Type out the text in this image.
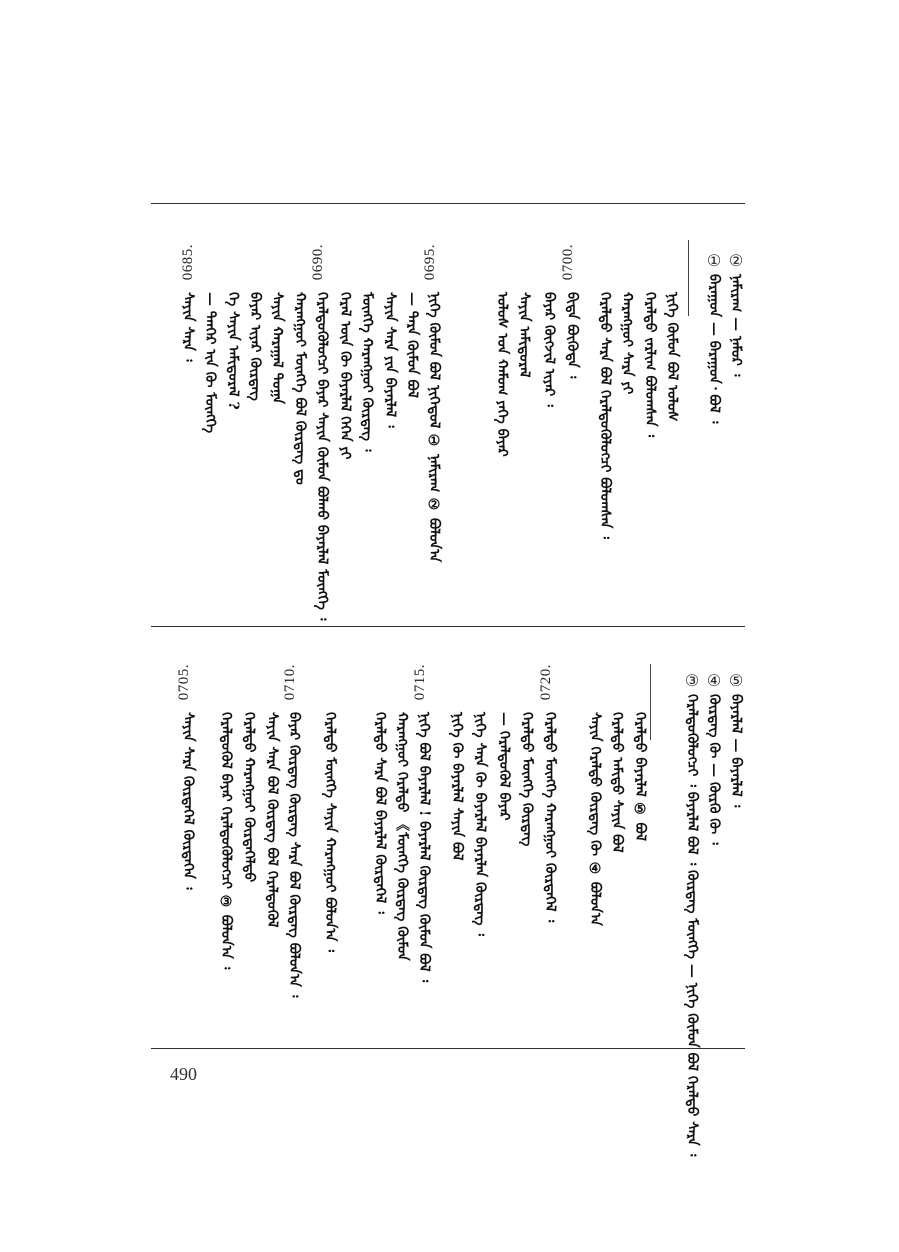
①
ᠪᠠᠷᠠᠭᠤᠨ — ᠪᠠᠷᠠᠭᠤᠨ᠂ ᠪᠣᠯ ᠄
②
ᠨᠠᠮᠢᠷᠠᠭ — ᠨᠠᠮᠤᠷ ᠄
0700.
ᠨᠢᠭᠡ ᠬᠦᠮᠦᠨ ᠪᠣᠯ ᠤᠯᠤᠰ
ᠭᠡᠷᠡᠯᠲᠦ ᠵᠠᠷᠯᠢᠭ ᠪᠣᠯᠤᠭᠰᠠᠨ ᠄
ᠬᠠᠷᠠᠩᠭᠤᠢ ᠰᠠᠷᠠ ᠶᠢ
ᠭᠡᠷᠡᠯᠲᠦ ᠰᠠᠷᠠ ᠪᠣᠯ ᠭᠡᠷᠡᠯᠲᠦᠭᠦᠯᠦᠭᠴᠢ ᠪᠣᠯᠤᠭᠰᠠᠨ ᠄
ᠪᠢᠳᠡ ᠪᠦᠭᠦᠳᠡ ᠄
ᠪᠠᠶᠠᠷ ᠬᠥᠭᠵᠢᠯ ᠢᠶᠡᠷ ᠄
0695.
ᠰᠠᠶᠢᠨ ᠠᠮᠢᠳᠤᠷᠠᠯ
ᠤᠯᠤᠰ ᠤᠨ ᠬᠠᠮᠤᠭ ᠶᠡᠬᠡ ᠪᠠᠶᠠᠷ
ᠨᠢᠭᠡ ᠬᠦᠮᠦᠨ ᠪᠣᠯ ᠨᠢᠭᠡᠳᠦᠯ ① ᠨᠠᠮᠢᠷᠠᠭ ② ᠪᠣᠯᠤᠨ᠎ᠠ
— ᠲᠡᠷᠡ ᠬᠦᠮᠦᠨ ᠪᠣᠯ
ᠰᠠᠶᠢᠨ ᠰᠠᠷᠠ ᠶᠢᠨ ᠪᠠᠶᠠᠷᠯᠠᠯ ᠄
ᠮᠥᠩᠭᠡ ᠬᠠᠷᠠᠩᠭᠤᠢ ᠬᠦᠷᠳᠡᠭ ᠄
ᠭᠡᠷᠡᠯ ᠦᠨ ᠬᠦ ᠪᠠᠶᠠᠷᠯᠠᠯ ᠭᠡᠭᠡᠨ ᠶᠢ
0690.
ᠭᠡᠷᠡᠯᠲᠦᠭᠦᠯᠦᠭᠴᠢ ᠪᠠᠶᠠᠷ ᠰᠠᠶᠢᠨ ᠬᠦᠮᠦᠨ ᠪᠣᠯᠬᠤ ᠪᠠᠶᠠᠷᠯᠠᠯ ᠮᠥᠩᠭᠡ ᠄
ᠬᠠᠷᠠᠩᠭᠤᠢ ᠮᠥᠩᠭᠡ ᠪᠣᠯ ᠬᠦᠷᠳᠡᠭ ᠳᠤ
ᠰᠠᠶᠢᠨ ᠬᠠᠷᠠᠭᠠᠯ ᠲᠣᠭᠠ
ᠪᠠᠶᠠᠷ ᠢᠶᠡᠷ ᠬᠦᠷᠳᠡᠭ
ᠭᠡ ᠰᠠᠶᠢᠨ ᠠᠮᠢᠳᠤᠷᠠᠯ ?
0685.
— ᠲᠡᠨᠭᠡᠷ ᠢᠨ ᠬᠦ ᠮᠥᠩᠭᠡ
ᠰᠠᠶᠢᠨ ᠰᠠᠷᠠ ᠄
③
ᠭᠡᠷᠡᠯᠲᠦᠭᠦᠯᠦᠭᠴᠢ ᠄ ᠪᠠᠶᠠᠷᠯᠠᠯ ᠪᠣᠯ ᠄ ᠬᠦᠷᠳᠡᠭ ᠮᠥᠩᠭᠡ — ᠨᠢᠭᠡ ᠬᠦᠮᠦᠨ ᠪᠣᠯ ᠭᠡᠷᠡᠯᠲᠦ ᠰᠠᠷᠠ ᠄
④
ᠬᠦᠷᠳᠡᠭ ᠬᠦ — ᠬᠦᠷᠬᠦ ᠬᠦ ᠄
⑤
ᠪᠠᠶᠠᠷᠯᠠᠯ — ᠪᠠᠶᠠᠷᠯᠠᠯ ᠄
0720.
ᠭᠡᠷᠡᠯᠲᠦ ᠪᠠᠶᠠᠷᠯᠠᠯ ⑤ ᠪᠣᠯ
ᠭᠡᠷᠡᠯᠲᠦ ᠠᠮᠢᠳᠤ ᠰᠠᠶᠢᠨ ᠪᠣᠯ
ᠰᠠᠶᠢᠨ ᠭᠡᠷᠡᠯᠲᠦ ᠬᠦᠷᠳᠡᠭ ᠬᠦ ④ ᠪᠣᠯᠤᠨ᠎ᠠ
ᠭᠡᠷᠡᠯᠲᠦ ᠮᠥᠩᠭᠡ ᠬᠠᠷᠠᠩᠭᠤᠢ ᠬᠦᠷᠳᠡᠭᠡᠯ ᠄
ᠭᠡᠷᠡᠯᠲᠦ ᠮᠥᠩᠭᠡ ᠬᠦᠷᠳᠡᠭ
— ᠭᠡᠷᠡᠯᠲᠦᠭᠦᠯ ᠪᠠᠶᠠᠷ
0715.
ᠨᠢᠭᠡ ᠰᠠᠷᠠ ᠬᠦ ᠪᠠᠶᠠᠷᠯᠠᠯ ᠪᠠᠶᠠᠷᠯᠠᠨ ᠬᠦᠷᠳᠡᠭ ᠄
ᠨᠢᠭᠡ ᠬᠦ ᠪᠠᠶᠠᠷᠯᠠᠯ ᠰᠠᠶᠢᠨ ᠪᠣᠯ
ᠨᠢᠭᠡ ᠪᠣᠯ ᠪᠠᠶᠠᠷᠯᠠᠯ ! ᠪᠠᠶᠠᠷᠯᠠᠯ ᠬᠦᠷᠳᠡᠭ ᠬᠦᠮᠦᠨ ᠪᠣᠯ ᠄
ᠬᠠᠷᠠᠩᠭᠤᠢ ᠭᠡᠷᠡᠯᠲᠦ 《ᠮᠥᠩᠭᠡ ᠬᠦᠷᠳᠡᠭ ᠬᠦᠮᠦᠨ
ᠭᠡᠷᠡᠯᠲᠦ ᠰᠠᠷᠠ ᠪᠣᠯ ᠪᠠᠶᠠᠷᠯᠠᠯ ᠬᠦᠷᠳᠡᠭᠡᠯ ᠄
0710.
ᠭᠡᠷᠡᠯᠲᠦ ᠮᠥᠩᠭᠡ ᠰᠠᠶᠢᠨ ᠬᠠᠷᠠᠩᠭᠤᠢ ᠪᠣᠯᠤᠨ᠎ᠠ ᠄
ᠪᠠᠶᠠᠷ ᠬᠦᠷᠳᠡᠭ ᠬᠦᠷᠳᠡᠭ ᠰᠠᠷᠠ ᠪᠣᠯ ᠬᠦᠷᠳᠡᠭ ᠪᠣᠯᠤᠨ᠎ᠠ ᠄
ᠰᠠᠶᠢᠨ ᠰᠠᠷᠠ ᠪᠣᠯ ᠬᠦᠷᠳᠡᠭ ᠪᠣᠯ ᠭᠡᠷᠡᠯᠲᠦᠭᠦᠯ
ᠭᠡᠷᠡᠯᠲᠦ ᠬᠠᠷᠠᠩᠭᠤᠢ ᠬᠦᠷᠳᠡᠭᠡᠯᠲᠦ
ᠭᠡᠷᠡᠯᠲᠦᠭᠦᠯ ᠪᠠᠶᠠᠷ ᠭᠡᠷᠡᠯᠲᠦᠭᠦᠯᠦᠭᠴᠢ ③ ᠪᠣᠯᠤᠨ᠎ᠠ ᠄
0705.
ᠰᠠᠶᠢᠨ ᠰᠠᠷᠠ ᠬᠦᠷᠳᠡᠭᠡᠯ ᠬᠦᠷᠳᠡᠭᠡᠨ ᠄
490
